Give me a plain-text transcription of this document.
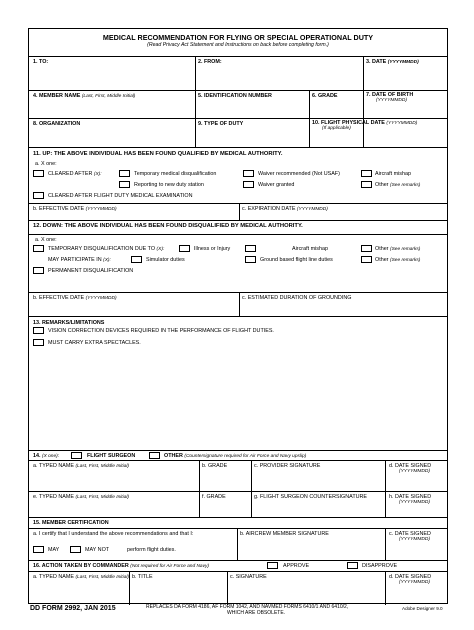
MEDICAL RECOMMENDATION FOR FLYING OR SPECIAL OPERATIONAL DUTY
(Read Privacy Act Statement and Instructions on back before completing form.)
1. TO:	2. FROM:	3. DATE (YYYYMMDD)
4. MEMBER NAME (Last, First, Middle Initial)	5. IDENTIFICATION NUMBER	6. GRADE	7. DATE OF BIRTH
(YYYYMMDD)
8. ORGANIZATION	9. TYPE OF DUTY	10. FLIGHT PHYSICAL DATE (YYYYMMDD)
(If applicable)
11. UP: THE ABOVE INDIVIDUAL HAS BEEN FOUND QUALIFIED BY MEDICAL AUTHORITY.
a. X one:
CLEARED AFTER (X):	Temporary medical disqualification	Waiver recommended (Not USAF)	Aircraft mishap
Reporting to new duty station	Waiver granted	Other (See remarks)
CLEARED AFTER FLIGHT DUTY MEDICAL EXAMINATION
b. EFFECTIVE DATE (YYYYMMDD)	c. EXPIRATION DATE (YYYYMMDD)
12. DOWN: THE ABOVE INDIVIDUAL HAS BEEN FOUND DISQUALIFIED BY MEDICAL AUTHORITY.
a. X one:
TEMPORARY DISQUALIFICATION DUE TO (X):	Illness or Injury	Aircraft mishap	Other (See remarks)
MAY PARTICIPATE IN (X):	Simulator duties	Ground based flight line duties	Other (See remarks)
PERMANENT DISQUALIFICATION
b. EFFECTIVE DATE (YYYYMMDD)	c. ESTIMATED DURATION OF GROUNDING
13. REMARKS/LIMITATIONS
VISION CORRECTION DEVICES REQUIRED IN THE PERFORMANCE OF FLIGHT DUTIES.
MUST CARRY EXTRA SPECTACLES.
14. (X one):	FLIGHT SURGEON	OTHER (Countersignature required for Air Force and Navy upslip)
a. TYPED NAME (Last, First, Middle Initial)	b. GRADE	c. PROVIDER SIGNATURE	d. DATE SIGNED
(YYYYMMDD)
e. TYPED NAME (Last, First, Middle Initial)	f. GRADE	g. FLIGHT SURGEON COUNTERSIGNATURE	h. DATE SIGNED
(YYYYMMDD)
15. MEMBER CERTIFICATION
a. I certify that I understand the above recommendations and that I:	b. AIRCREW MEMBER SIGNATURE	c. DATE SIGNED
(YYYYMMDD)
MAY	MAY NOT	perform flight duties.
16. ACTION TAKEN BY COMMANDER (Not required for Air Force and Navy)	APPROVE	DISAPPROVE
a. TYPED NAME (Last, First, Middle Initial) b. TITLE	c. SIGNATURE	d. DATE SIGNED
(YYYYMMDD)
DD FORM 2992, JAN 2015	REPLACES DA FORM 4186, AF FORM 1042, AND NAVMED FORMS 6410/1 AND 6410/2,
WHICH ARE OBSOLETE.
Adobe Designer 9.0
